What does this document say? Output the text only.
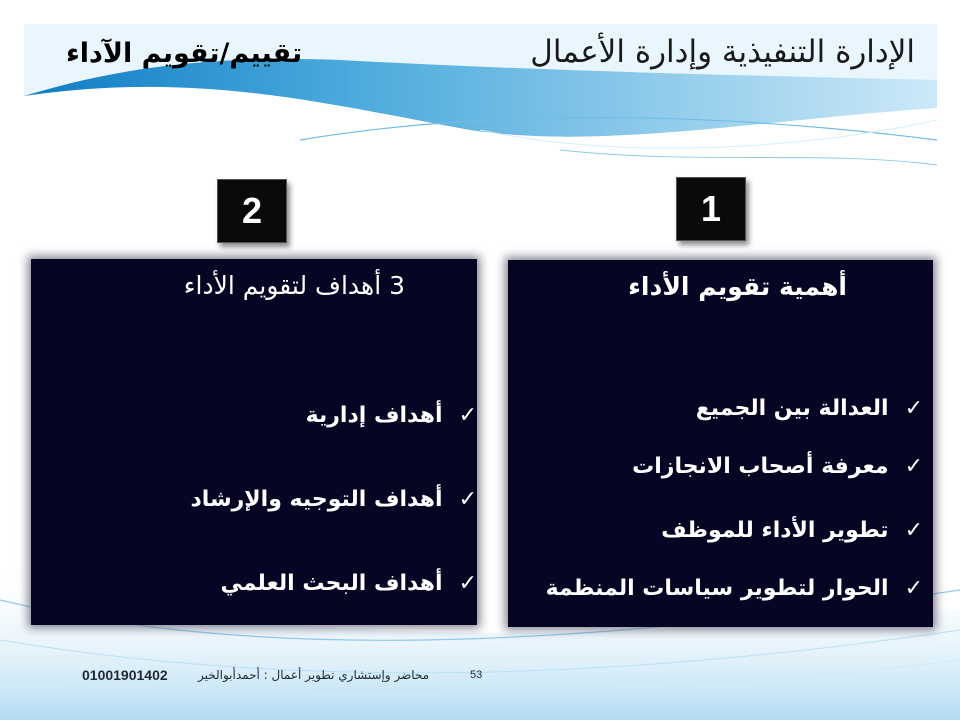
الإدارة التنفيذية وإدارة الأعمال
تقييم/تقويم الآداء
1
2
أهمية تقويم الأداء
✓
العدالة بين الجميع
✓
معرفة أصحاب الانجازات
✓
تطوير الأداء للموظف
✓
الحوار لتطوير سياسات المنظمة
3 أهداف لتقويم الأداء
✓
أهداف إدارية
✓
أهداف التوجيه والإرشاد
✓
أهداف البحث العلمي
53
محاضر وإستشاري تطوير أعمال : أحمدأبوالخير
01001901402
